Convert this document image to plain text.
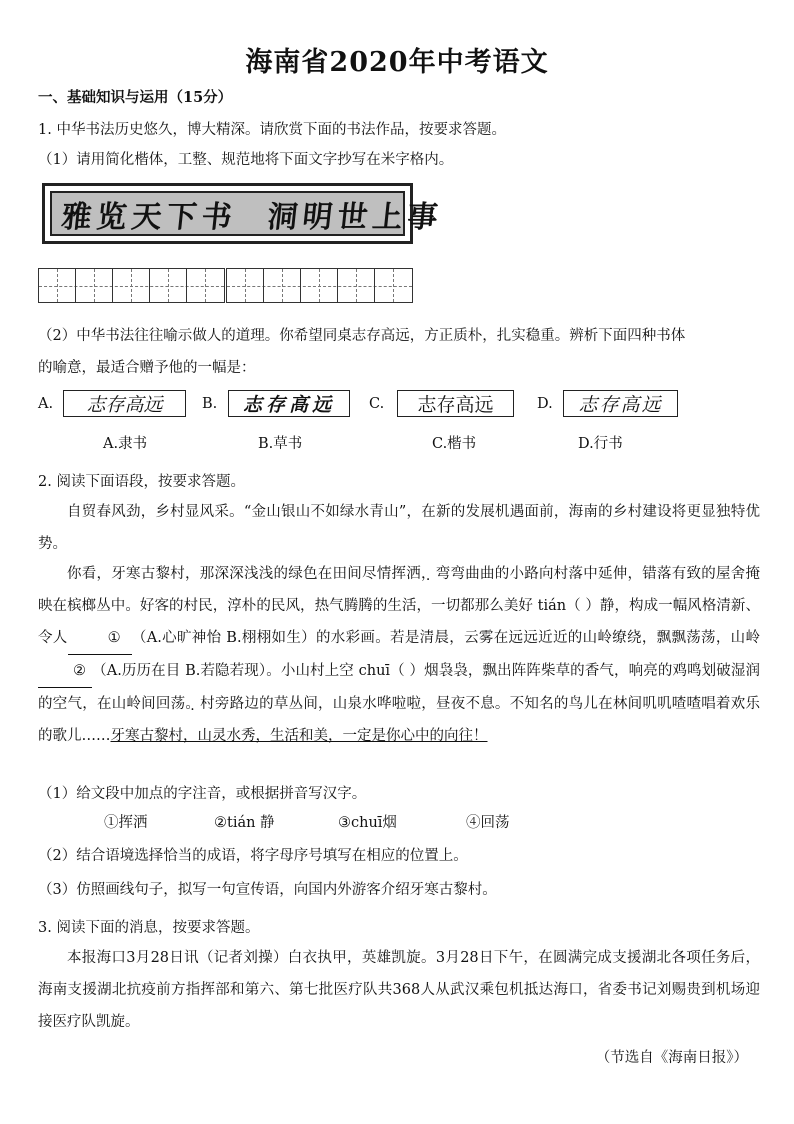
海南省2020年中考语文
一、基础知识与运用（15分）
1. 中华书法历史悠久，博大精深。请欣赏下面的书法作品，按要求答题。
（1）请用简化楷体，工整、规范地将下面文字抄写在米字格内。
雅览天下书  洞明世上事
（2）中华书法往往喻示做人的道理。你希望同桌志存高远，方正质朴，扎实稳重。辨析下面四种书体
的喻意，最适合赠予他的一幅是：
A.	志存高远	B.	志存高远	C.	志存高远	D.	志存高远
A.隶书	B.草书	C.楷书	D.行书
2. 阅读下面语段，按要求答题。
自贸春风劲，乡村显风采。“金山银山不如绿水青山”，在新的发展机遇面前，海南的乡村建设将更显独特优势。
你看，牙寒古黎村，那深深浅浅的绿色在田间尽情挥洒，弯弯曲曲的小路向村落中延伸，错落有致的屋舍掩映在槟榔丛中。好客的村民，淳朴的民风，热气腾腾的生活，一切都那么美好 tián（ ）静，构成一幅风格清新、令人	① （A.心旷神怡 B.栩栩如生）的水彩画。若是清晨，云雾在远远近近的山岭缭绕，飘飘荡荡，山岭② （A.历历在目 B.若隐若现）。小山村上空 chuī（ ）烟袅袅，飘出阵阵柴草的香气，响亮的鸡鸣划破湿润的空气，在山岭间回荡。村旁路边的草丛间，山泉水哗啦啦，昼夜不息。不知名的鸟儿在林间叽叽喳喳唱着欢乐的歌儿……牙寒古黎村，山灵水秀，生活和美，一定是你心中的向往！
（1）给文段中加点的字注音，或根据拼音写汉字。
①挥洒	②tián 静	③chuī烟	④回荡
（2）结合语境选择恰当的成语，将字母序号填写在相应的位置上。
（3）仿照画线句子，拟写一句宣传语，向国内外游客介绍牙寒古黎村。
3. 阅读下面的消息，按要求答题。
本报海口3月28日讯（记者刘操）白衣执甲，英雄凯旋。3月28日下午，在圆满完成支援湖北各项任务后，海南支援湖北抗疫前方指挥部和第六、第七批医疗队共368人从武汉乘包机抵达海口，省委书记刘赐贵到机场迎接医疗队凯旋。
（节选自《海南日报》）
